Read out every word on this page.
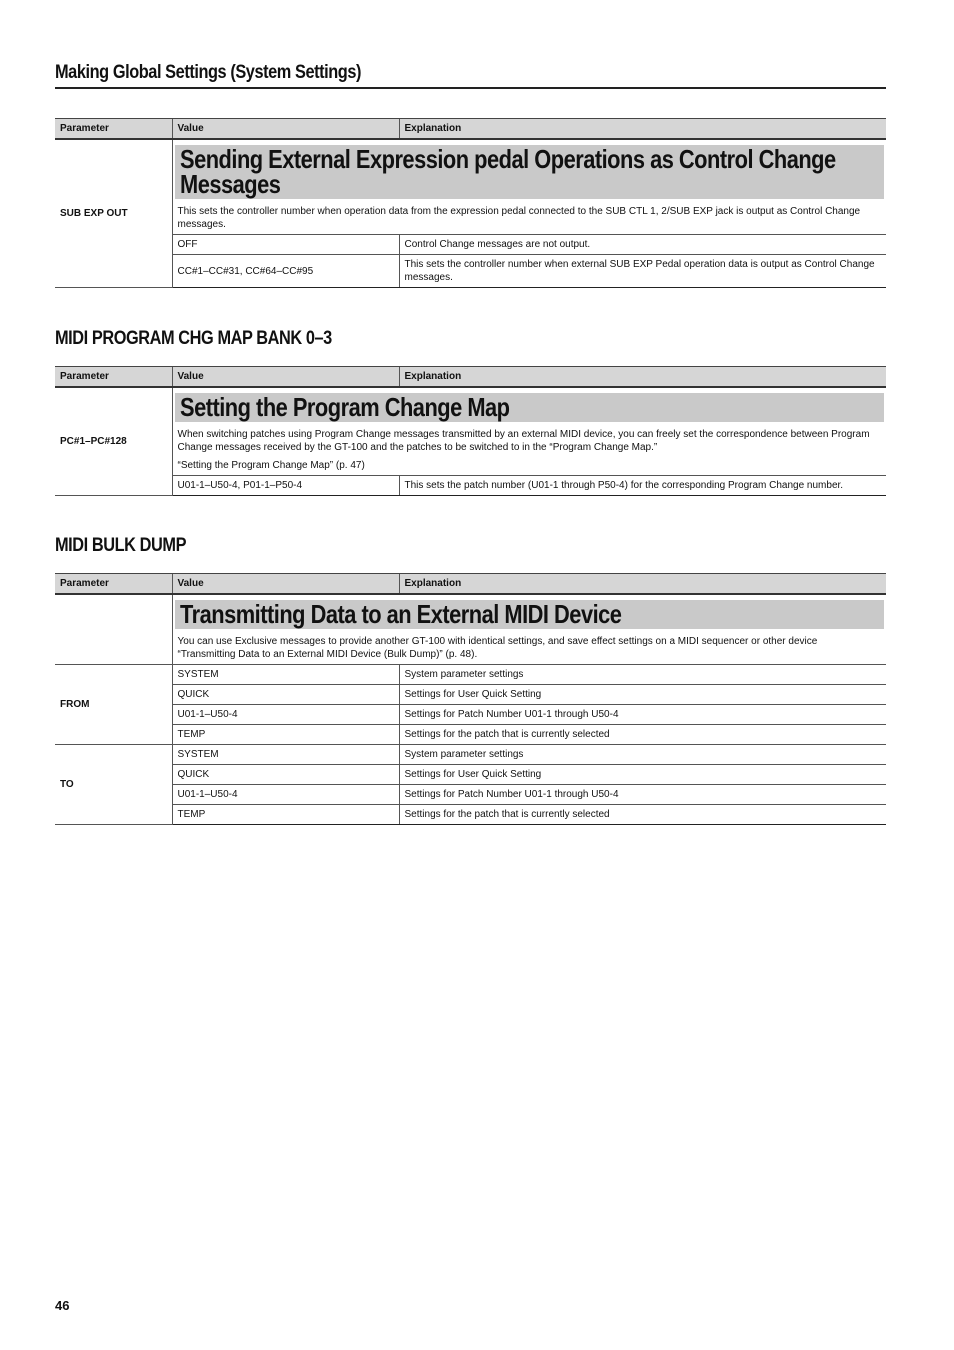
Making Global Settings (System Settings)
Parameter	Value	Explanation
SUB EXP OUT	Sending External Expression pedal Operations as Control Change Messages

This sets the controller number when operation data from the expression pedal connected to the SUB CTL 1, 2/SUB EXP jack is output as Control Change messages.	

	OFF	Control Change messages are not output.
	CC#1–CC#31, CC#64–CC#95	This sets the controller number when external SUB EXP Pedal operation data is output as Control Change messages.
MIDI PROGRAM CHG MAP BANK 0–3
Parameter	Value	Explanation
PC#1–PC#128	Setting the Program Change Map

When switching patches using Program Change messages transmitted by an external MIDI device, you can freely set the correspondence between Program Change messages received by the GT-100 and the patches to be switched to in the “Program Change Map.”

“Setting the Program Change Map” (p. 47)	

	U01-1–U50-4, P01-1–P50-4	This sets the patch number (U01-1 through P50-4) for the corresponding Program Change number.
MIDI BULK DUMP
Parameter	Value	Explanation

	Transmitting Data to an External MIDI Device

You can use Exclusive messages to provide another GT-100 with identical settings, and save effect settings on a MIDI sequencer or other device

“Transmitting Data to an External MIDI Device (Bulk Dump)” (p. 48).	

FROM	SYSTEM	System parameter settings
	QUICK	Settings for User Quick Setting
	U01-1–U50-4	Settings for Patch Number U01-1 through U50-4
	TEMP	Settings for the patch that is currently selected
TO	SYSTEM	System parameter settings
	QUICK	Settings for User Quick Setting
	U01-1–U50-4	Settings for Patch Number U01-1 through U50-4
	TEMP	Settings for the patch that is currently selected
46
